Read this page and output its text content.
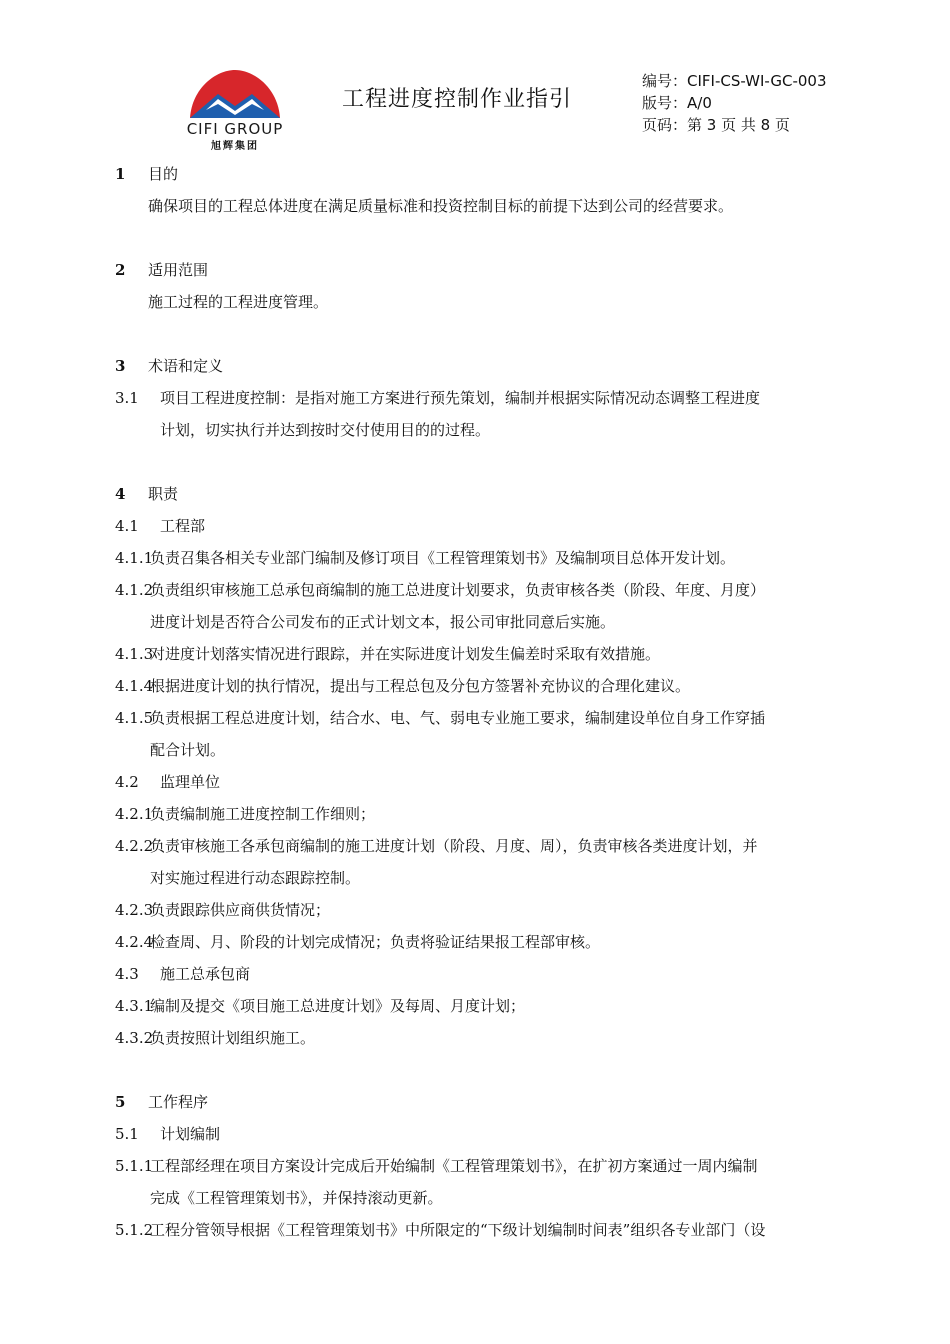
CIFI GROUP
旭辉集团
工程进度控制作业指引
编号：CIFI-CS-WI-GC-003
版号：A/0
页码：第 3 页 共 8 页
1 目的
确保项目的工程总体进度在满足质量标准和投资控制目标的前提下达到公司的经营要求。
2 适用范围
施工过程的工程进度管理。
3 术语和定义
3.1 项目工程进度控制：是指对施工方案进行预先策划，编制并根据实际情况动态调整工程进度
计划，切实执行并达到按时交付使用目的的过程。
4 职责
4.1 工程部
4.1.1
负责召集各相关专业部门编制及修订项目《工程管理策划书》及编制项目总体开发计划。
4.1.2
负责组织审核施工总承包商编制的施工总进度计划要求，负责审核各类（阶段、年度、月度）
进度计划是否符合公司发布的正式计划文本，报公司审批同意后实施。
4.1.3
对进度计划落实情况进行跟踪，并在实际进度计划发生偏差时采取有效措施。
4.1.4
根据进度计划的执行情况，提出与工程总包及分包方签署补充协议的合理化建议。
4.1.5
负责根据工程总进度计划，结合水、电、气、弱电专业施工要求，编制建设单位自身工作穿插
配合计划。
4.2 监理单位
4.2.1
负责编制施工进度控制工作细则；
4.2.2
负责审核施工各承包商编制的施工进度计划（阶段、月度、周），负责审核各类进度计划，并
对实施过程进行动态跟踪控制。
4.2.3
负责跟踪供应商供货情况；
4.2.4
检查周、月、阶段的计划完成情况；负责将验证结果报工程部审核。
4.3 施工总承包商
4.3.1
编制及提交《项目施工总进度计划》及每周、月度计划；
4.3.2
负责按照计划组织施工。
5 工作程序
5.1 计划编制
5.1.1
工程部经理在项目方案设计完成后开始编制《工程管理策划书》，在扩初方案通过一周内编制
完成《工程管理策划书》，并保持滚动更新。
5.1.2
工程分管领导根据《工程管理策划书》中所限定的“下级计划编制时间表”组织各专业部门（设
